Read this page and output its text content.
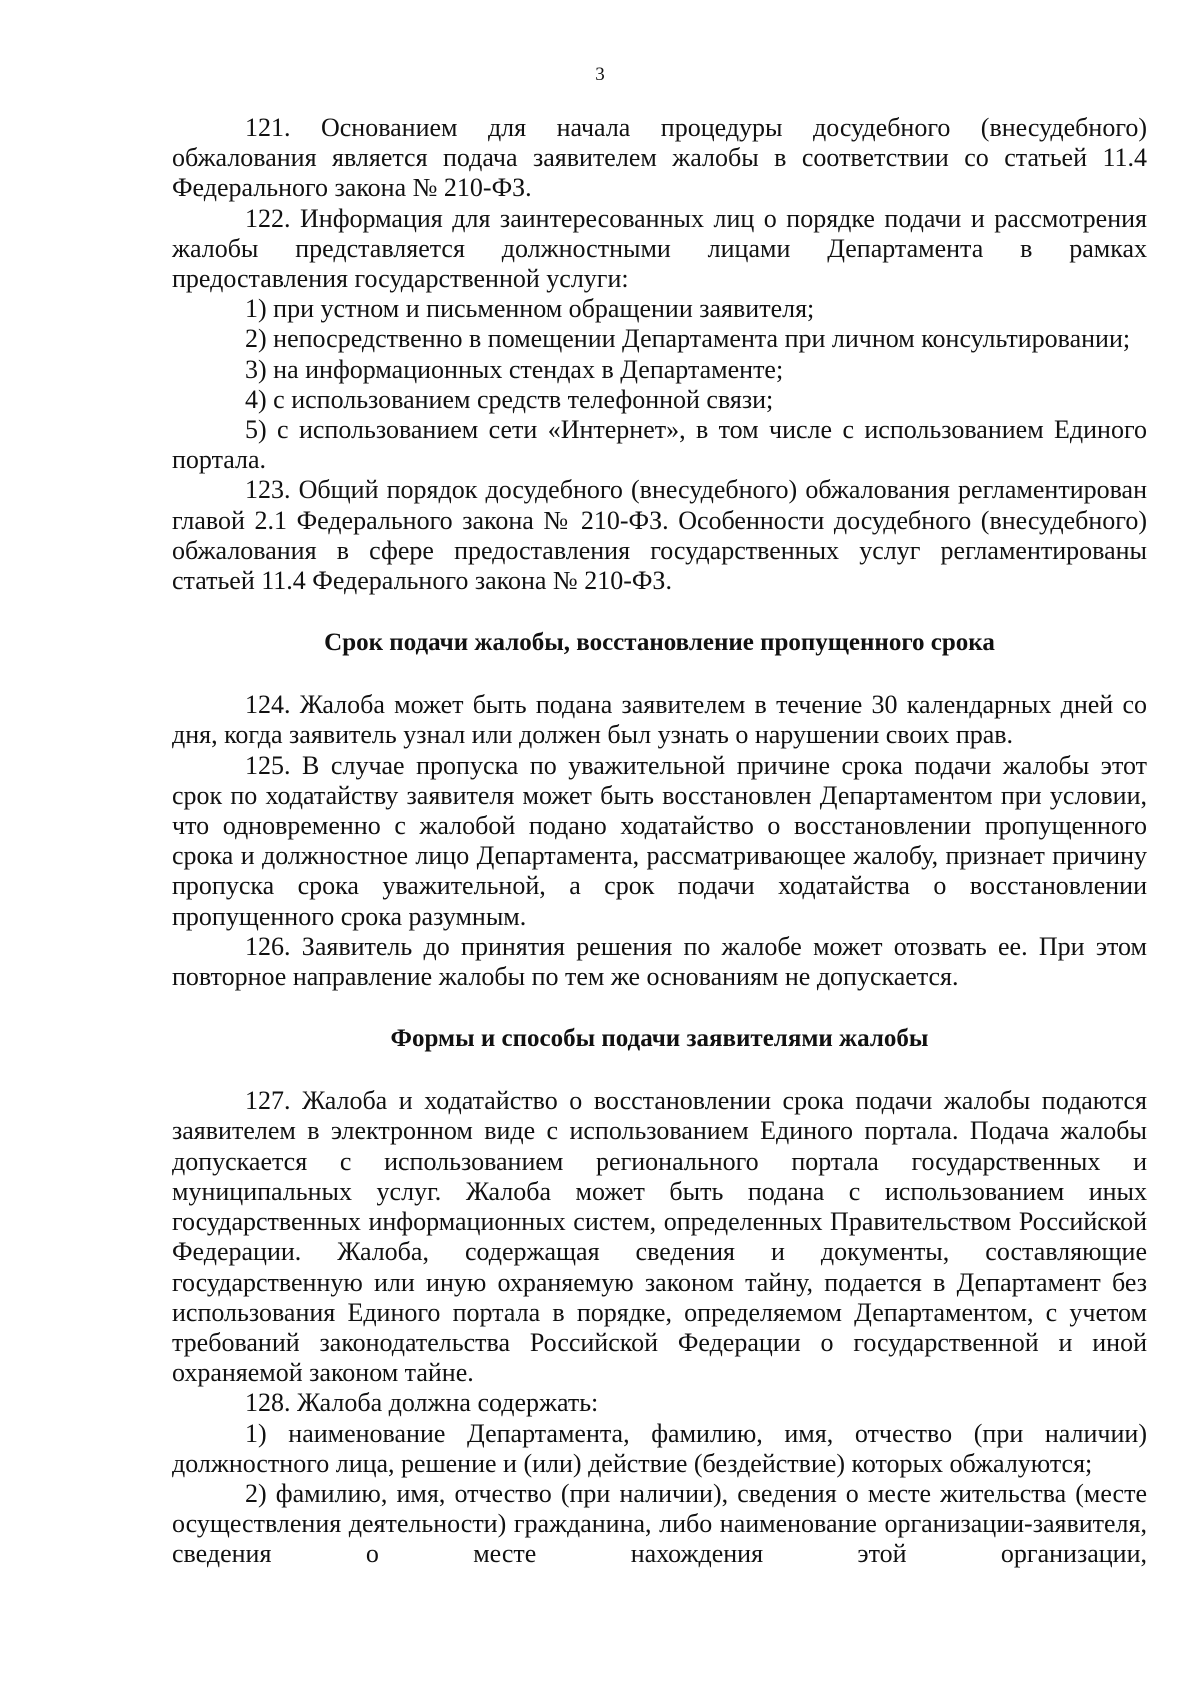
3

121. Основанием для начала процедуры досудебного (внесудебного) обжалования является подача заявителем жалобы в соответствии со статьей 11.4 Федерального закона № 210-ФЗ.

122. Информация для заинтересованных лиц о порядке подачи и рассмотрения жалобы представляется должностными лицами Департамента в рамках предоставления государственной услуги:

1) при устном и письменном обращении заявителя;

2) непосредственно в помещении Департамента при личном консультировании;

3) на информационных стендах в Департаменте;

4) с использованием средств телефонной связи;

5) с использованием сети «Интернет», в том числе с использованием Единого портала.

123. Общий порядок досудебного (внесудебного) обжалования регламентирован главой 2.1 Федерального закона № 210-ФЗ. Особенности досудебного (внесудебного) обжалования в сфере предоставления государственных услуг регламентированы статьей 11.4 Федерального закона № 210-ФЗ.

Срок подачи жалобы, восстановление пропущенного срока

124. Жалоба может быть подана заявителем в течение 30 календарных дней со дня, когда заявитель узнал или должен был узнать о нарушении своих прав.

125. В случае пропуска по уважительной причине срока подачи жалобы этот срок по ходатайству заявителя может быть восстановлен Департаментом при условии, что одновременно с жалобой подано ходатайство о восстановлении пропущенного срока и должностное лицо Департамента, рассматривающее жалобу, признает причину пропуска срока уважительной, а срок подачи ходатайства о восстановлении пропущенного срока разумным.

126. Заявитель до принятия решения по жалобе может отозвать ее. При этом повторное направление жалобы по тем же основаниям не допускается.

Формы и способы подачи заявителями жалобы

127. Жалоба и ходатайство о восстановлении срока подачи жалобы подаются заявителем в электронном виде с использованием Единого портала. Подача жалобы допускается с использованием регионального портала государственных и муниципальных услуг. Жалоба может быть подана с использованием иных государственных информационных систем, определенных Правительством Российской Федерации. Жалоба, содержащая сведения и документы, составляющие государственную или иную охраняемую законом тайну, подается в Департамент без использования Единого портала в порядке, определяемом Департаментом, с учетом требований законодательства Российской Федерации о государственной и иной охраняемой законом тайне.

128. Жалоба должна содержать:

1) наименование Департамента, фамилию, имя, отчество (при наличии) должностного лица, решение и (или) действие (бездействие) которых обжалуются;

2) фамилию, имя, отчество (при наличии), сведения о месте жительства (месте осуществления деятельности) гражданина, либо наименование организации-заявителя, сведения о месте нахождения этой организации,
